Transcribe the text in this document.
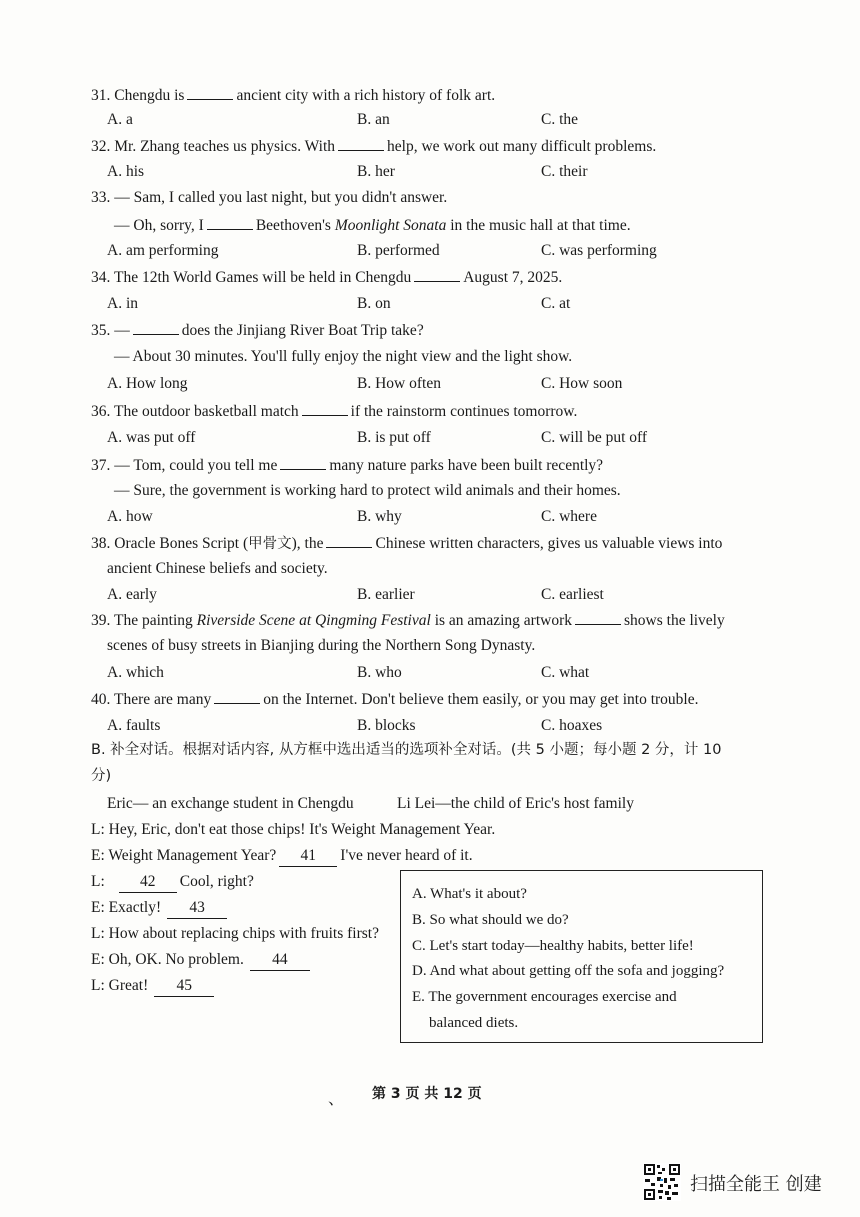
31. Chengdu is	ancient city with a rich history of folk art.
A. a	B. an	C. the
32. Mr. Zhang teaches us physics. With	help, we work out many difficult problems.
A. his	B. her	C. their
33. — Sam, I called you last night, but you didn't answer.
— Oh, sorry, I	Beethoven's Moonlight Sonata in the music hall at that time.
A. am performing	B. performed	C. was performing
34. The 12th World Games will be held in Chengdu	August 7, 2025.
A. in	B. on	C. at
35. —	does the Jinjiang River Boat Trip take?
— About 30 minutes. You'll fully enjoy the night view and the light show.
A. How long	B. How often	C. How soon
36. The outdoor basketball match	if the rainstorm continues tomorrow.
A. was put off	B. is put off	C. will be put off
37. — Tom, could you tell me	many nature parks have been built recently?
— Sure, the government is working hard to protect wild animals and their homes.
A. how	B. why	C. where
38. Oracle Bones Script (甲骨文), the	Chinese written characters, gives us valuable views into
ancient Chinese beliefs and society.
A. early	B. earlier	C. earliest
39. The painting Riverside Scene at Qingming Festival is an amazing artwork	shows the lively
scenes of busy streets in Bianjing during the Northern Song Dynasty.
A. which	B. who	C. what
40. There are many	on the Internet. Don't believe them easily, or you may get into trouble.
A. faults	B. blocks	C. hoaxes
B. 补全对话。根据对话内容, 从方框中选出适当的选项补全对话。(共 5 小题；每小题 2 分，计 10
分)
Eric— an exchange student in Chengdu	Li Lei—the child of Eric's host family
L: Hey, Eric, don't eat those chips! It's Weight Management Year.
E: Weight Management Year? 41 I've never heard of it.
L: 42 Cool, right?
E: Exactly! 43
L: How about replacing chips with fruits first?
E: Oh, OK. No problem. 44
L: Great! 45
A. What's it about?
B. So what should we do?
C. Let's start today—healthy habits, better life!
D. And what about getting off the sofa and jogging?
E. The government encourages exercise and
balanced diets.
、 第 3 页 共 12 页
扫描全能王 创建
